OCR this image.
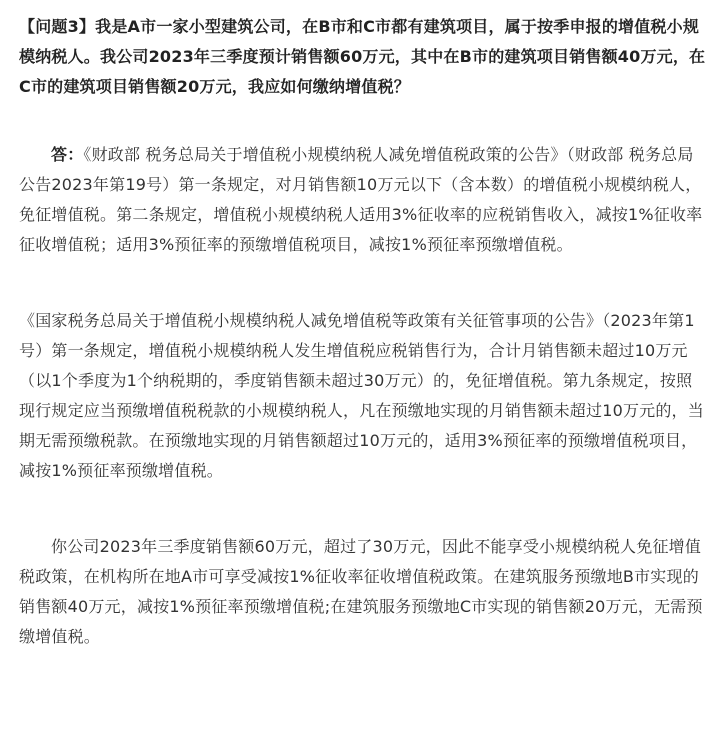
【问题3】我是A市一家小型建筑公司，在B市和C市都有建筑项目，属于按季申报的增值税小规模纳税人。我公司2023年三季度预计销售额60万元，其中在B市的建筑项目销售额40万元，在C市的建筑项目销售额20万元，我应如何缴纳增值税？

答：《财政部 税务总局关于增值税小规模纳税人减免增值税政策的公告》（财政部 税务总局公告2023年第19号）第一条规定，对月销售额10万元以下（含本数）的增值税小规模纳税人，免征增值税。第二条规定，增值税小规模纳税人适用3%征收率的应税销售收入，减按1%征收率征收增值税；适用3%预征率的预缴增值税项目，减按1%预征率预缴增值税。

《国家税务总局关于增值税小规模纳税人减免增值税等政策有关征管事项的公告》（2023年第1号）第一条规定，增值税小规模纳税人发生增值税应税销售行为，合计月销售额未超过10万元（以1个季度为1个纳税期的，季度销售额未超过30万元）的，免征增值税。第九条规定，按照现行规定应当预缴增值税税款的小规模纳税人，凡在预缴地实现的月销售额未超过10万元的，当期无需预缴税款。在预缴地实现的月销售额超过10万元的，适用3%预征率的预缴增值税项目，减按1%预征率预缴增值税。

你公司2023年三季度销售额60万元，超过了30万元，因此不能享受小规模纳税人免征增值税政策，在机构所在地A市可享受减按1%征收率征收增值税政策。在建筑服务预缴地B市实现的销售额40万元，减按1%预征率预缴增值税;在建筑服务预缴地C市实现的销售额20万元，无需预缴增值税。
